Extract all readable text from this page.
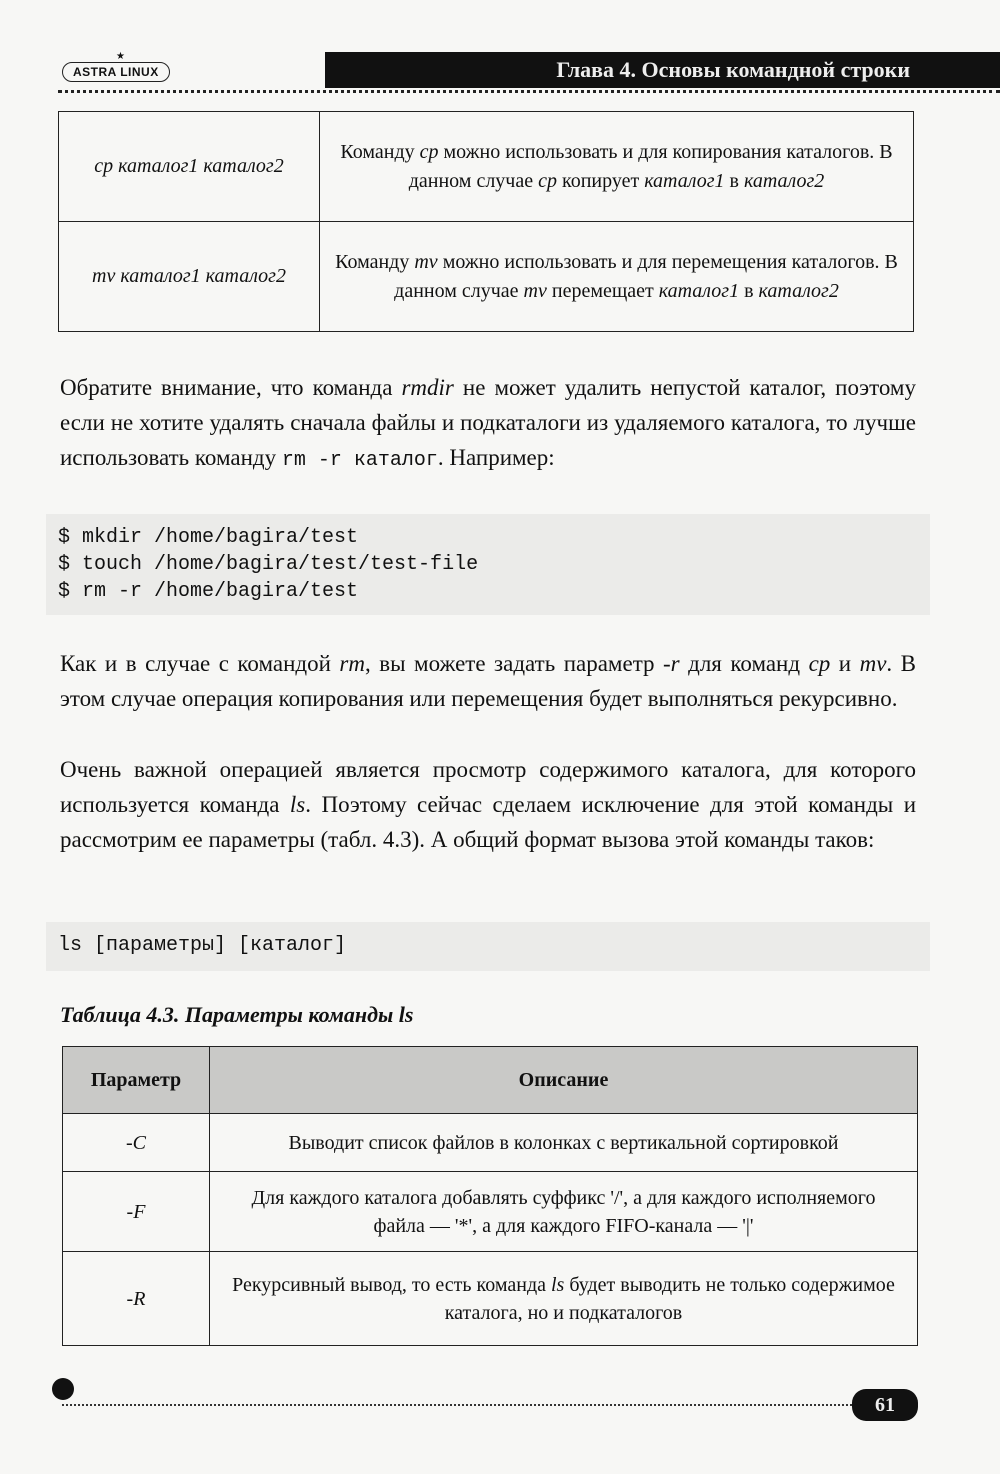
ASTRA LINUX
★
Глава 4. Основы командной строки
cp каталог1 каталог2	Команду cp можно использовать и для копирования каталогов. В данном случае cp копирует каталог1 в каталог2
mv каталог1 каталог2	Команду mv можно использовать и для перемещения каталогов. В данном случае mv перемещает каталог1 в каталог2
Обратите внимание, что команда rmdir не может удалить непустой каталог, поэтому если не хотите удалять сначала файлы и подкаталоги из удаляемого каталога, то лучше использовать команду rm -r каталог. Например:
$ mkdir /home/bagira/test
$ touch /home/bagira/test/test-file
$ rm -r /home/bagira/test
Как и в случае с командой rm, вы можете задать параметр -r для команд cp и mv. В этом случае операция копирования или перемещения будет выполняться рекурсивно.
Очень важной операцией является просмотр содержимого каталога, для которого используется команда ls. Поэтому сейчас сделаем исключение для этой команды и рассмотрим ее параметры (табл. 4.3). А общий формат вызова этой команды таков:
ls [параметры] [каталог]
Таблица 4.3. Параметры команды ls
Параметр	Описание
-C	Выводит список файлов в колонках с вертикальной сортировкой
-F	Для каждого каталога добавлять суффикс '/', а для каждого исполняемого файла — '*', а для каждого FIFO-канала — '|'
-R	Рекурсивный вывод, то есть команда ls будет выводить не только содержимое каталога, но и подкаталогов
61
